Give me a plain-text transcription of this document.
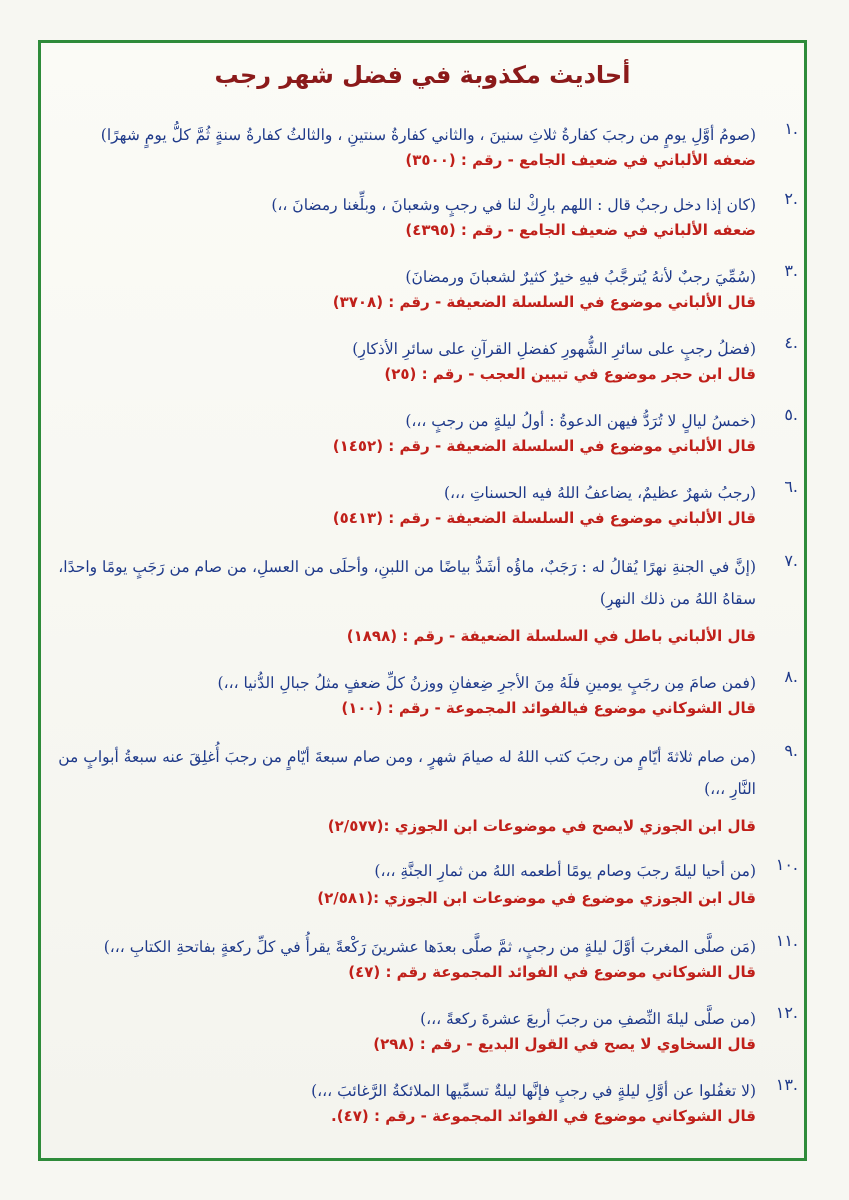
أحاديث مكذوبة في فضل شهر رجب
.١
(صومُ أوَّلِ يومٍ من رجبَ كفارةُ ثلاثِ سنينَ ، والثاني كفارةُ سنتينِ ، والثالثُ كفارةُ سنةٍ ثُمَّ كلُّ يومٍ شهرًا)
ضعفه الألباني في ضعيف الجامع - رقم : (٣٥٠٠)
.٢
(كان إذا دخل رجبٌ قال : اللهم بارِكْ لنا في رجبٍ وشعبانَ ، وبلِّغنا رمضانَ ،،)
ضعفه الألباني في ضعيف الجامع - رقم : (٤٣٩٥)
.٣
(سُمِّيَ رجبٌ لأنهُ يُترجَّبُ فيهِ خيرٌ كثيرٌ لشعبانَ ورمضانَ)
قال الألباني موضوع في السلسلة الضعيفة - رقم : (٣٧٠٨)
.٤
(فضلُ رجبٍ على سائرِ الشُّهورِ كفضلِ القرآنِ على سائرِ الأذكارِ)
قال ابن حجر موضوع في تبيين العجب - رقم : (٢٥)
.٥
(خمسُ ليالٍ لا تُرَدُّ فيهن الدعوةُ : أولُ ليلةٍ من رجبٍ ،،،)
قال الألباني موضوع في السلسلة الضعيفة - رقم : (١٤٥٢)
.٦
(رجبُ شهرٌ عظيمٌ، يضاعفُ اللهُ فيه الحسناتِ ،،،)
قال الألباني موضوع في السلسلة الضعيفة - رقم : (٥٤١٣)
.٧
(إنَّ في الجنةِ نهرًا يُقالُ له : رَجَبٌ، ماؤُه أشَدُّ بياضًا من اللبنِ، وأحلَى من العسلِ، من صام من رَجَبٍ يومًا واحدًا، سقاهُ اللهُ من ذلك النهرِ)
قال الألباني باطل في السلسلة الضعيفة - رقم : (١٨٩٨)
.٨
(فمن صامَ مِن رجَبٍ يومينِ فلَهُ مِنَ الأجرِ ضِعفانِ ووزنُ كلِّ ضعفٍ مثلُ جبالِ الدُّنيا ،،،)
قال الشوكاني موضوع فيالفوائد المجموعة - رقم : (١٠٠)
.٩
(من صام ثلاثةَ أيّامٍ من رجبَ كتب اللهُ له صيامَ شهرٍ ، ومن صام سبعةَ أيّامٍ من رجبَ أُغلِقَ عنه سبعةُ أبوابٍ من النَّارِ ،،،)
قال ابن الجوزي لايصح في موضوعات ابن الجوزي :(٢/٥٧٧)
.١٠
(من أحيا ليلةَ رجبَ وصام يومًا أطعمه اللهُ من ثمارِ الجنَّةِ ،،،)
قال ابن الجوزي موضوع في موضوعات ابن الجوزي :(٢/٥٨١)
.١١
(مَن صلَّى المغربَ أوَّلَ ليلةٍ من رجبٍ، ثمَّ صلَّى بعدَها عشرينَ رَكْعةً يقرأُ في كلِّ ركعةٍ بفاتحةِ الكتابِ ،،،)
قال الشوكاني موضوع في الفوائد المجموعة رقم : (٤٧)
.١٢
(من صلَّى ليلةَ النِّصفِ من رجبَ أربعَ عشرةَ ركعةً ،،،)
قال السخاوي لا يصح في القول البديع - رقم : (٢٩٨)
.١٣
(لا تغفُلوا عن أوَّلِ ليلةٍ في رجبٍ فإنَّها ليلةٌ تسمِّيها الملائكةُ الرَّغائبَ ،،،)
قال الشوكاني موضوع في الفوائد المجموعة - رقم : (٤٧).
